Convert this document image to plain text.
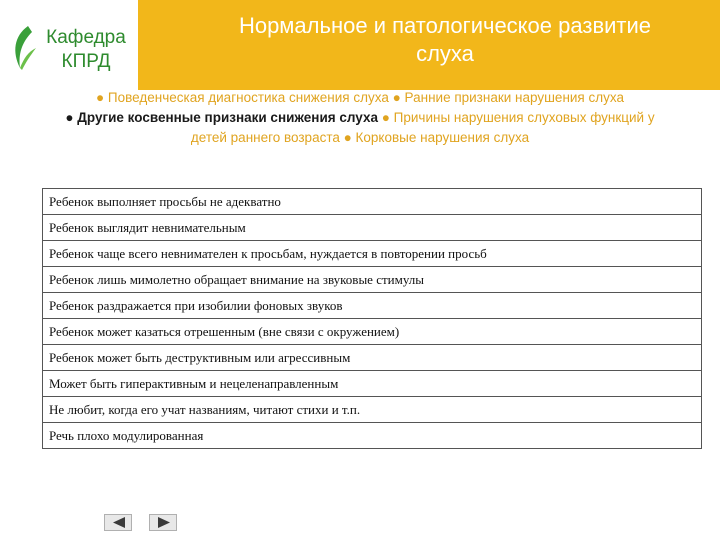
Кафедра
КПРД
Нормальное и патологическое развитие
слуха
● Поведенческая диагностика снижения слуха ● Ранние признаки нарушения слуха
● Другие косвенные признаки снижения слуха ● Причины нарушения слуховых функций у
детей раннего возраста ● Корковые нарушения слуха
Ребенок выполняет просьбы не адекватно
Ребенок выглядит невнимательным
Ребенок чаще всего невнимателен к просьбам, нуждается в повторении просьб
Ребенок лишь мимолетно обращает внимание на звуковые стимулы
Ребенок раздражается при изобилии фоновых звуков
Ребенок может казаться отрешенным (вне связи с окружением)
Ребенок может быть деструктивным или агрессивным
Может быть гиперактивным и нецеленаправленным
Не любит, когда его учат названиям, читают стихи и т.п.
Речь плохо модулированная
